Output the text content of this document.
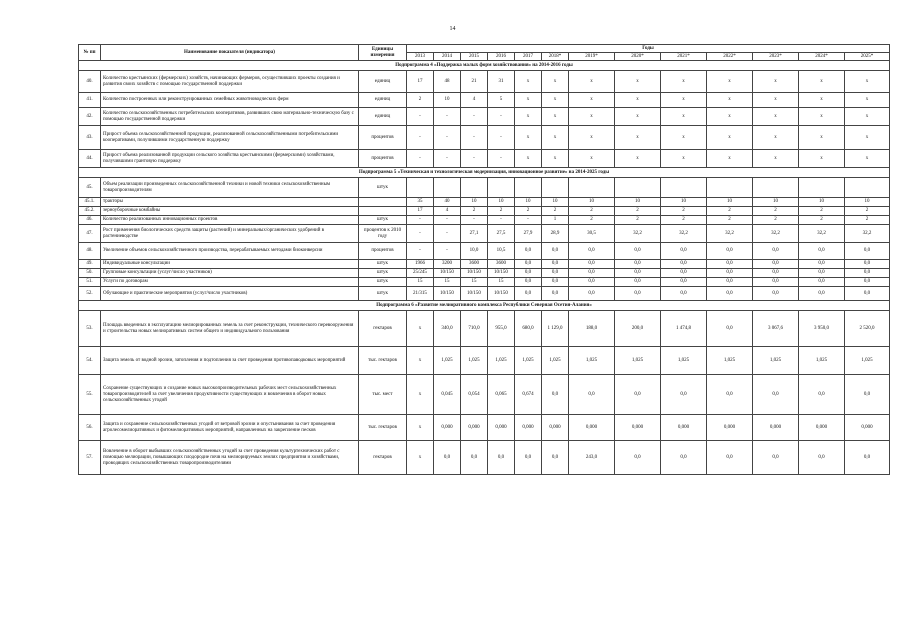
14
№ пп	Наименование показателя (индикатора)	Единицы измерения	Годы												
			2013	2014	2015	2016	2017	2018*	2019*	2020*	2021*	2022*	2023*	2024*	2025*
Подпрограмма 4 «Поддержка малых форм хозяйствования» на 2014-2016 годы															
40.	Количество крестьянских (фермерских) хозяйств, начинающих фермеров, осуществивших проекты создания и развития своих хозяйств с помощью государственной поддержки	единиц	17	48	21	31	x	x	x	x	x	x	x	x	x
41.	Количество построенных или реконструированных семейных животноводческих ферм	единиц	2	10	4	5	x	x	x	x	x	x	x	x	x
42.	Количество сельскохозяйственных потребительских кооперативов, развивших свою материально-техническую базу с помощью государственной поддержки	единиц	-	-	-	-	x	x	x	x	x	x	x	x	x
43.	Прирост объема сельскохозяйственной продукции, реализованной сельскохозяйственными потребительскими кооперативами, получившими государственную поддержку	процентов	-	-	-	-	x	x	x	x	x	x	x	x	x
44.	Прирост объема реализованной продукции сельского хозяйства крестьянскими (фермерскими) хозяйствами, получившими грантовую поддержку	процентов	-	-	-	-	x	x	x	x	x	x	x	x	x
Подпрограмма 5 «Техническая и технологическая модернизация, инновационное развитие» на 2014-2025 годы															
45.	Объем реализации произведенных сельскохозяйственной техники и новой техники сельскохозяйственным товаропроизводителям	штук													
45.1.	тракторы		35	40	10	10	10	10	10	10	10	10	10	10	10
45.2.	зерноуборочные комбайны		17	4	2	2	2	2	2	2	2	2	2	2	2
46.	Количество реализованных инновационных проектов	штук	-	-	-	-	-	1	2	2	2	2	2	2	2
47.	Рост применения биологических средств защиты (растений) и минеральных/органических удобрений в растениеводстве	процентов к 2010 году	-	-	27,1	27,5	27,9	28,9	30,5	32,2	32,2	32,2	32,2	32,2	32,2
48.	Увеличение объемов сельскохозяйственного производства, перерабатываемых методами биоконверсии	процентов	-	-	10,0	10,5	0,0	0,0	0,0	0,0	0,0	0,0	0,0	0,0	0,0
49.	Индивидуальные консультации	штук	1966	3200	3600	3600	0,0	0,0	0,0	0,0	0,0	0,0	0,0	0,0	0,0
50.	Групповые консультации (услуг/число участников)	штук	25/245	10/150	10/150	10/150	0,0	0,0	0,0	0,0	0,0	0,0	0,0	0,0	0,0
51.	Услуги по договорам	штук	15	15	15	15	0,0	0,0	0,0	0,0	0,0	0,0	0,0	0,0	0,0
52.	Обучающие и практические мероприятия (услуг/число участников)	штук	21/315	10/150	10/150	10/150	0,0	0,0	0,0	0,0	0,0	0,0	0,0	0,0	0,0
Подпрограмма 6 «Развитие мелиоративного комплекса Республики Северная Осетия-Алания»															
53.	Площадь введенных в эксплуатацию мелиорированных земель за счет реконструкции, технического перевооружения и строительства новых мелиоративных систем общего и индивидуального пользования	гектаров	x	340,0	710,0	955,0	680,0	1 129,0	188,0	200,0	1 474,8	0,0	3 067,6	3 950,0	2 520,0
54.	Защита земель от водной эрозии, затопления и подтопления за счет проведения противопаводковых мероприятий	тыс. гектаров	x	1,025	1,025	1,025	1,025	1,025	1,025	1,025	1,025	1,025	1,025	1,025	1,025
55.	Сохранение существующих и создание новых высокопроизводительных рабочих мест сельскохозяйственных товаропроизводителей за счет увеличения продуктивности существующих и вовлечения в оборот новых сельскохозяйственных угодий	тыс. мест	x	0,045	0,054	0,065	0,674	0,0	0,0	0,0	0,0	0,0	0,0	0,0	0,0
56.	Защита и сохранение сельскохозяйственных угодий от ветровой эрозии и опустынивания за счет проведения агролесомелиоративных и фитомелиоративных мероприятий, направленных на закрепление песков	тыс. гектаров	x	0,000	0,000	0,000	0,000	0,000	0,000	0,000	0,000	0,000	0,000	0,000	0,000
57.	Вовлечение в оборот выбывших сельскохозяйственных угодий за счет проведения культуртехнических работ с помощью мелиорации, повышающих плодородие почв на мелиорируемых землях предприятия и хозяйствами, проводящих сельскохозяйственных товаропроизводителями	гектаров	x	0,0	0,0	0,0	0,0	0,0	243,0	0,0	0,0	0,0	0,0	0,0	0,0
